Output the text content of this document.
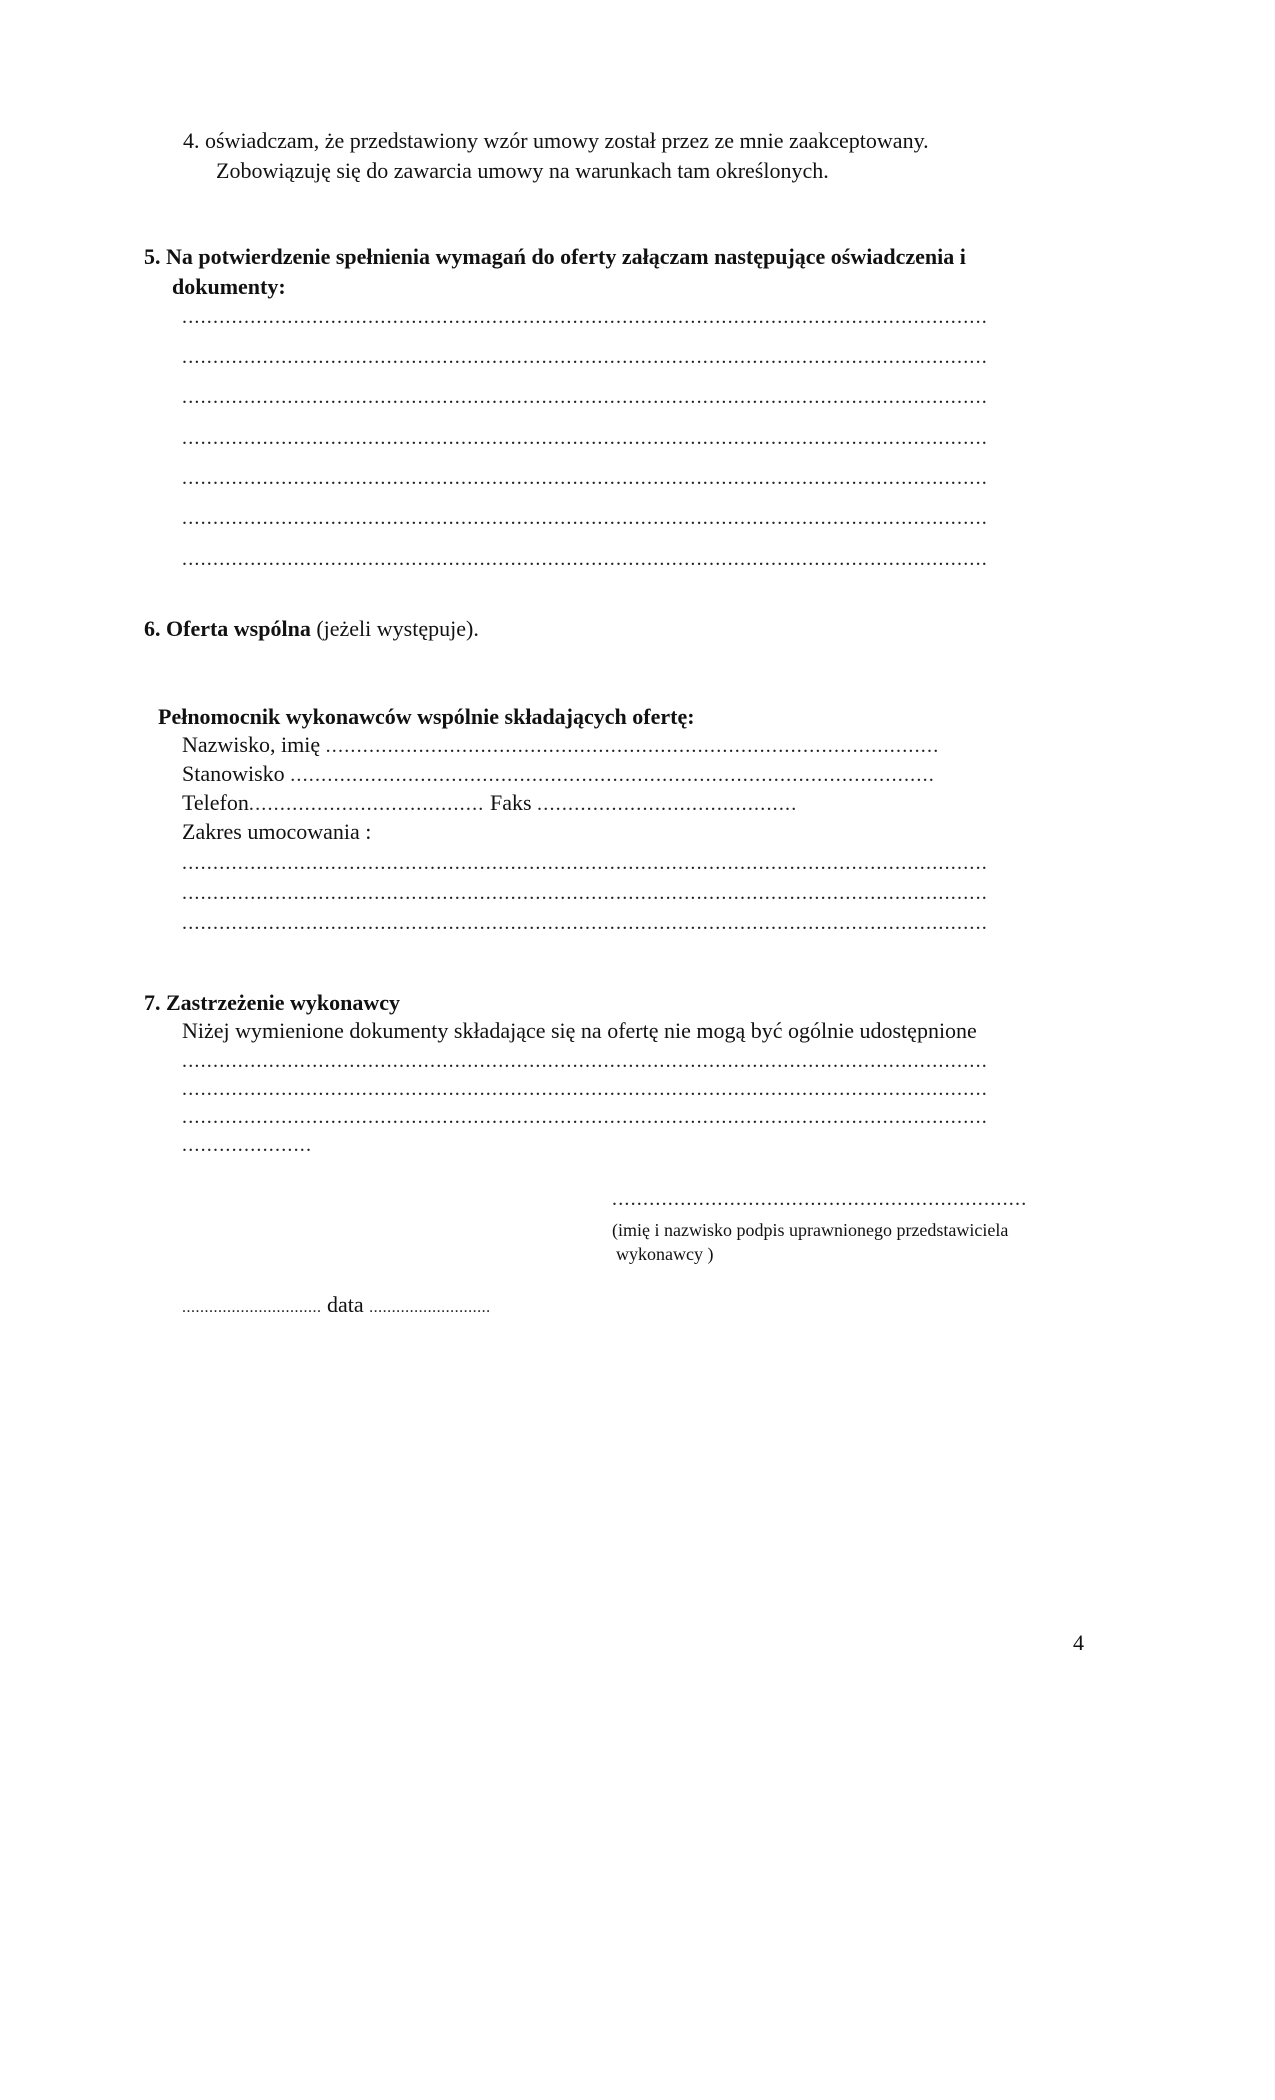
4. oświadczam, że przedstawiony wzór umowy został przez ze mnie zaakceptowany.
Zobowiązuję się do zawarcia umowy na warunkach tam określonych.
5. Na potwierdzenie spełnienia wymagań do oferty załączam następujące oświadczenia i
dokumenty:
..................................................................................................................................
..................................................................................................................................
..................................................................................................................................
..................................................................................................................................
..................................................................................................................................
..................................................................................................................................
..................................................................................................................................
6. Oferta wspólna (jeżeli występuje).
Pełnomocnik wykonawców wspólnie składających ofertę:
Nazwisko, imię ...................................................................................................
Stanowisko ........................................................................................................
Telefon...................................... Faks ..........................................
Zakres umocowania :
..................................................................................................................................
..................................................................................................................................
..................................................................................................................................
7. Zastrzeżenie wykonawcy
Niżej wymienione dokumenty składające się na ofertę nie mogą być ogólnie udostępnione
..................................................................................................................................
..................................................................................................................................
..................................................................................................................................
.....................
...................................................................
(imię i nazwisko podpis uprawnionego przedstawiciela
wykonawcy )
............................... data ...........................
4
